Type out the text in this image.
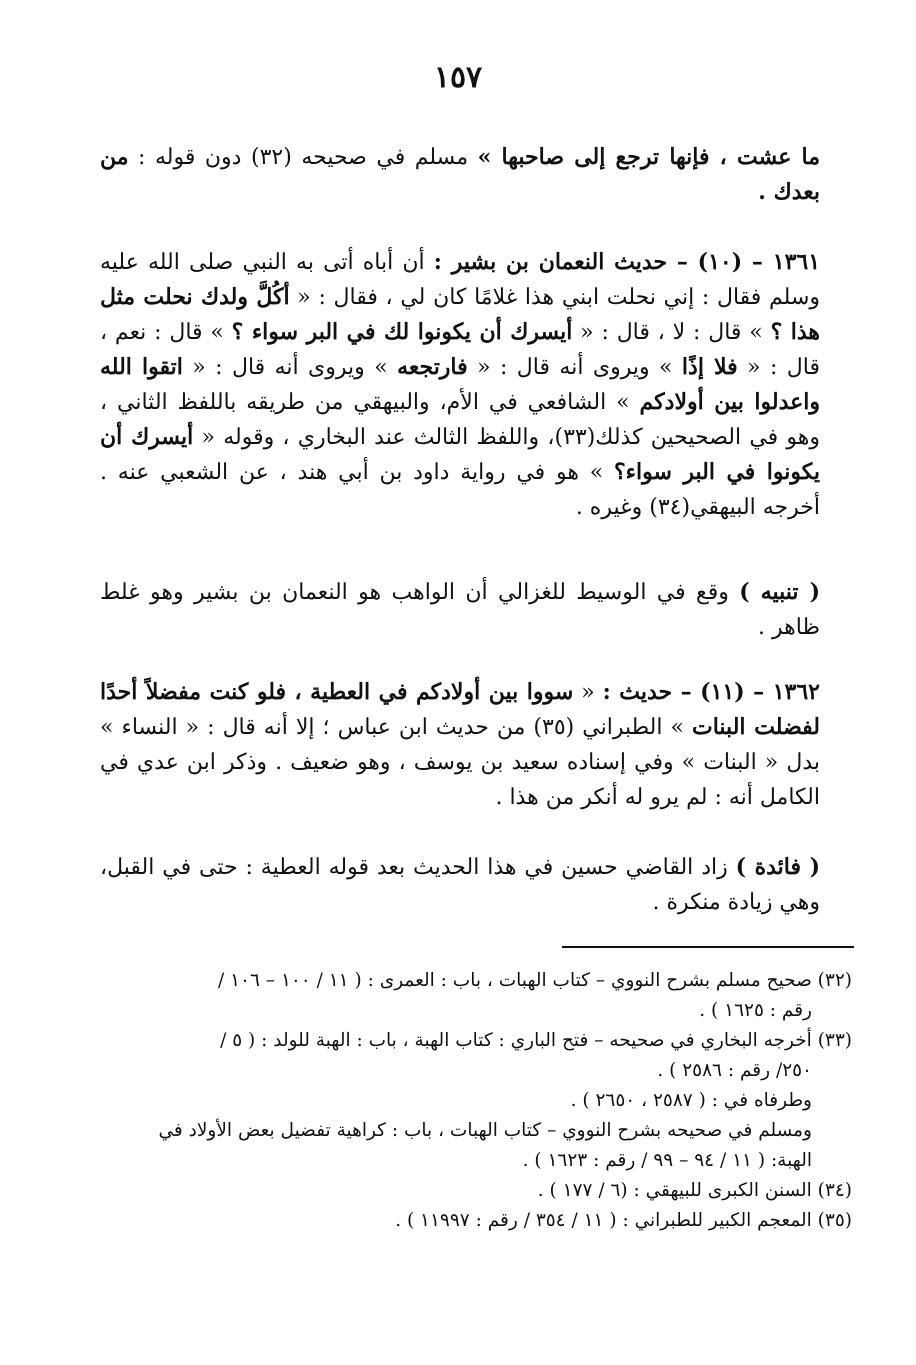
١٥٧
ما عشت ، فإنها ترجع إلى صاحبها » مسلم في صحيحه (٣٢) دون قوله : من بعدك .
١٣٦١ – (١٠) – حديث النعمان بن بشير : أن أباه أتى به النبي صلى الله عليه وسلم فقال : إني نحلت ابني هذا غلامًا كان لي ، فقال : « أكُلَّ ولدك نحلت مثل هذا ؟ » قال : لا ، قال : « أيسرك أن يكونوا لك في البر سواء ؟ » قال : نعم ، قال : « فلا إذًا » ويروى أنه قال : « فارتجعه » ويروى أنه قال : « اتقوا الله واعدلوا بين أولادكم » الشافعي في الأم، والبيهقي من طريقه باللفظ الثاني ، وهو في الصحيحين كذلك(٣٣)، واللفظ الثالث عند البخاري ، وقوله « أيسرك أن يكونوا في البر سواء؟ » هو في رواية داود بن أبي هند ، عن الشعبي عنه . أخرجه البيهقي(٣٤) وغيره .
( تنبيه ) وقع في الوسيط للغزالي أن الواهب هو النعمان بن بشير وهو غلط ظاهر .
١٣٦٢ – (١١) – حديث : « سووا بين أولادكم في العطية ، فلو كنت مفضلاً أحدًا لفضلت البنات » الطبراني (٣٥) من حديث ابن عباس ؛ إلا أنه قال : « النساء » بدل « البنات » وفي إسناده سعيد بن يوسف ، وهو ضعيف . وذكر ابن عدي في الكامل أنه : لم يرو له أنكر من هذا .
( فائدة ) زاد القاضي حسين في هذا الحديث بعد قوله العطية : حتى في القبل، وهي زيادة منكرة .
(٣٢) صحيح مسلم بشرح النووي – كتاب الهبات ، باب : العمرى : ( ١١ / ١٠٠ – ١٠٦ /
رقم : ١٦٢٥ ) .
(٣٣) أخرجه البخاري في صحيحه – فتح الباري : كتاب الهبة ، باب : الهبة للولد : ( ٥ /
٢٥٠/ رقم : ٢٥٨٦ ) .
وطرفاه في : ( ٢٥٨٧ ، ٢٦٥٠ ) .
ومسلم في صحيحه بشرح النووي – كتاب الهبات ، باب : كراهية تفضيل بعض الأولاد في
الهبة: ( ١١ / ٩٤ – ٩٩ / رقم : ١٦٢٣ ) .
(٣٤) السنن الكبرى للبيهقي : (٦ / ١٧٧ ) .
(٣٥) المعجم الكبير للطبراني : ( ١١ / ٣٥٤ / رقم : ١١٩٩٧ ) .
